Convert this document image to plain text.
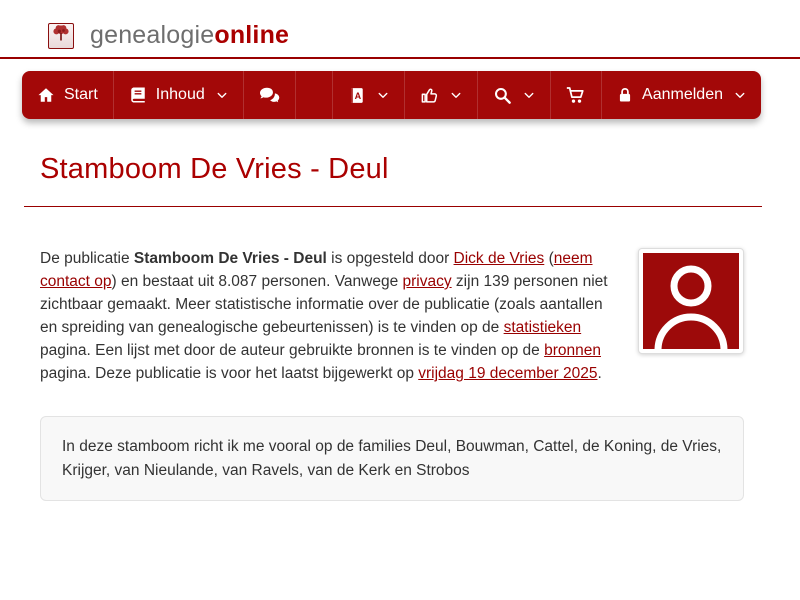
genealogieonline
Start	Inhoud	A	Aanmelden
Stamboom De Vries - Deul

De publicatie Stamboom De Vries - Deul is opgesteld door Dick de Vries (neem contact op) en bestaat uit 8.087 personen. Vanwege privacy zijn 139 personen niet zichtbaar gemaakt. Meer statistische informatie over de publicatie (zoals aantallen en spreiding van genealogische gebeurtenissen) is te vinden op de statistieken pagina. Een lijst met door de auteur gebruikte bronnen is te vinden op de bronnen pagina. Deze publicatie is voor het laatst bijgewerkt op vrijdag 19 december 2025.

In deze stamboom richt ik me vooral op de families Deul, Bouwman, Cattel, de Koning, de Vries, Krijger, van Nieulande, van Ravels, van de Kerk en Strobos
